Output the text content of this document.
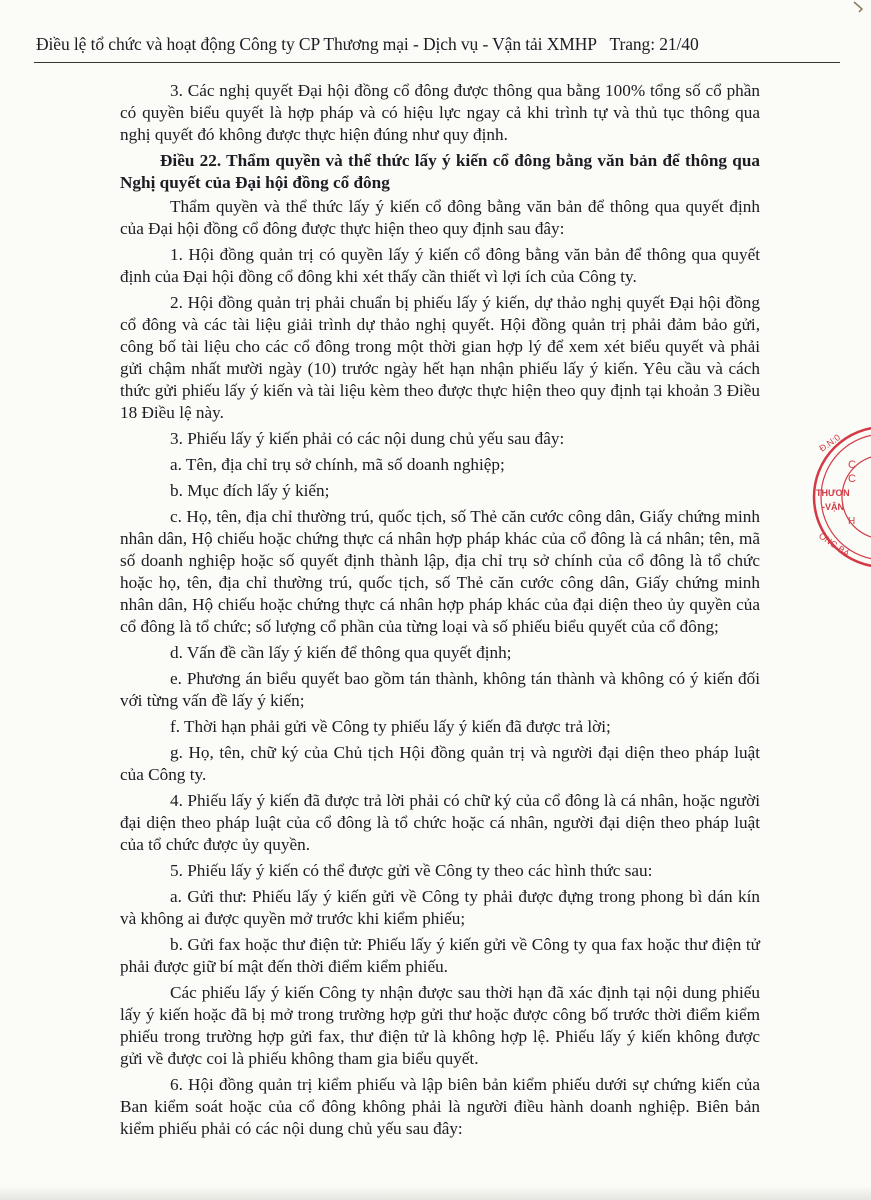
Điều lệ tổ chức và hoạt động Công ty CP Thương mại - Dịch vụ - Vận tải XMHP Trang: 21/40

3. Các nghị quyết Đại hội đồng cổ đông được thông qua bằng 100% tổng số cổ phần có quyền biểu quyết là hợp pháp và có hiệu lực ngay cả khi trình tự và thủ tục thông qua nghị quyết đó không được thực hiện đúng như quy định.

Điều 22. Thẩm quyền và thể thức lấy ý kiến cổ đông bằng văn bản để thông qua Nghị quyết của Đại hội đồng cổ đông

Thẩm quyền và thể thức lấy ý kiến cổ đông bằng văn bản để thông qua quyết định của Đại hội đồng cổ đông được thực hiện theo quy định sau đây:

1. Hội đồng quản trị có quyền lấy ý kiến cổ đông bằng văn bản để thông qua quyết định của Đại hội đồng cổ đông khi xét thấy cần thiết vì lợi ích của Công ty.

2. Hội đồng quản trị phải chuẩn bị phiếu lấy ý kiến, dự thảo nghị quyết Đại hội đồng cổ đông và các tài liệu giải trình dự thảo nghị quyết. Hội đồng quản trị phải đảm bảo gửi, công bố tài liệu cho các cổ đông trong một thời gian hợp lý để xem xét biểu quyết và phải gửi chậm nhất mười ngày (10) trước ngày hết hạn nhận phiếu lấy ý kiến. Yêu cầu và cách thức gửi phiếu lấy ý kiến và tài liệu kèm theo được thực hiện theo quy định tại khoản 3 Điều 18 Điều lệ này.

3. Phiếu lấy ý kiến phải có các nội dung chủ yếu sau đây:

a. Tên, địa chỉ trụ sở chính, mã số doanh nghiệp;

b. Mục đích lấy ý kiến;

c. Họ, tên, địa chỉ thường trú, quốc tịch, số Thẻ căn cước công dân, Giấy chứng minh nhân dân, Hộ chiếu hoặc chứng thực cá nhân hợp pháp khác của cổ đông là cá nhân; tên, mã số doanh nghiệp hoặc số quyết định thành lập, địa chỉ trụ sở chính của cổ đông là tổ chức hoặc họ, tên, địa chỉ thường trú, quốc tịch, số Thẻ căn cước công dân, Giấy chứng minh nhân dân, Hộ chiếu hoặc chứng thực cá nhân hợp pháp khác của đại diện theo ủy quyền của cổ đông là tổ chức; số lượng cổ phần của từng loại và số phiếu biểu quyết của cổ đông;

d. Vấn đề cần lấy ý kiến để thông qua quyết định;

e. Phương án biểu quyết bao gồm tán thành, không tán thành và không có ý kiến đối với từng vấn đề lấy ý kiến;

f. Thời hạn phải gửi về Công ty phiếu lấy ý kiến đã được trả lời;

g. Họ, tên, chữ ký của Chủ tịch Hội đồng quản trị và người đại diện theo pháp luật của Công ty.

4. Phiếu lấy ý kiến đã được trả lời phải có chữ ký của cổ đông là cá nhân, hoặc người đại diện theo pháp luật của cổ đông là tổ chức hoặc cá nhân, người đại diện theo pháp luật của tổ chức được ủy quyền.

5. Phiếu lấy ý kiến có thể được gửi về Công ty theo các hình thức sau:

a. Gửi thư: Phiếu lấy ý kiến gửi về Công ty phải được đựng trong phong bì dán kín và không ai được quyền mở trước khi kiểm phiếu;

b. Gửi fax hoặc thư điện tử: Phiếu lấy ý kiến gửi về Công ty qua fax hoặc thư điện tử phải được giữ bí mật đến thời điểm kiểm phiếu.

Các phiếu lấy ý kiến Công ty nhận được sau thời hạn đã xác định tại nội dung phiếu lấy ý kiến hoặc đã bị mở trong trường hợp gửi thư hoặc được công bố trước thời điểm kiểm phiếu trong trường hợp gửi fax, thư điện tử là không hợp lệ. Phiếu lấy ý kiến không được gửi về được coi là phiếu không tham gia biểu quyết.

6. Hội đồng quản trị kiểm phiếu và lập biên bản kiểm phiếu dưới sự chứng kiến của Ban kiểm soát hoặc của cổ đông không phải là người điều hành doanh nghiệp. Biên bản kiểm phiếu phải có các nội dung chủ yếu sau đây:

Đ.N:0
C
C
THƯƠN
-VẬN
H
ÔNG BẢ
